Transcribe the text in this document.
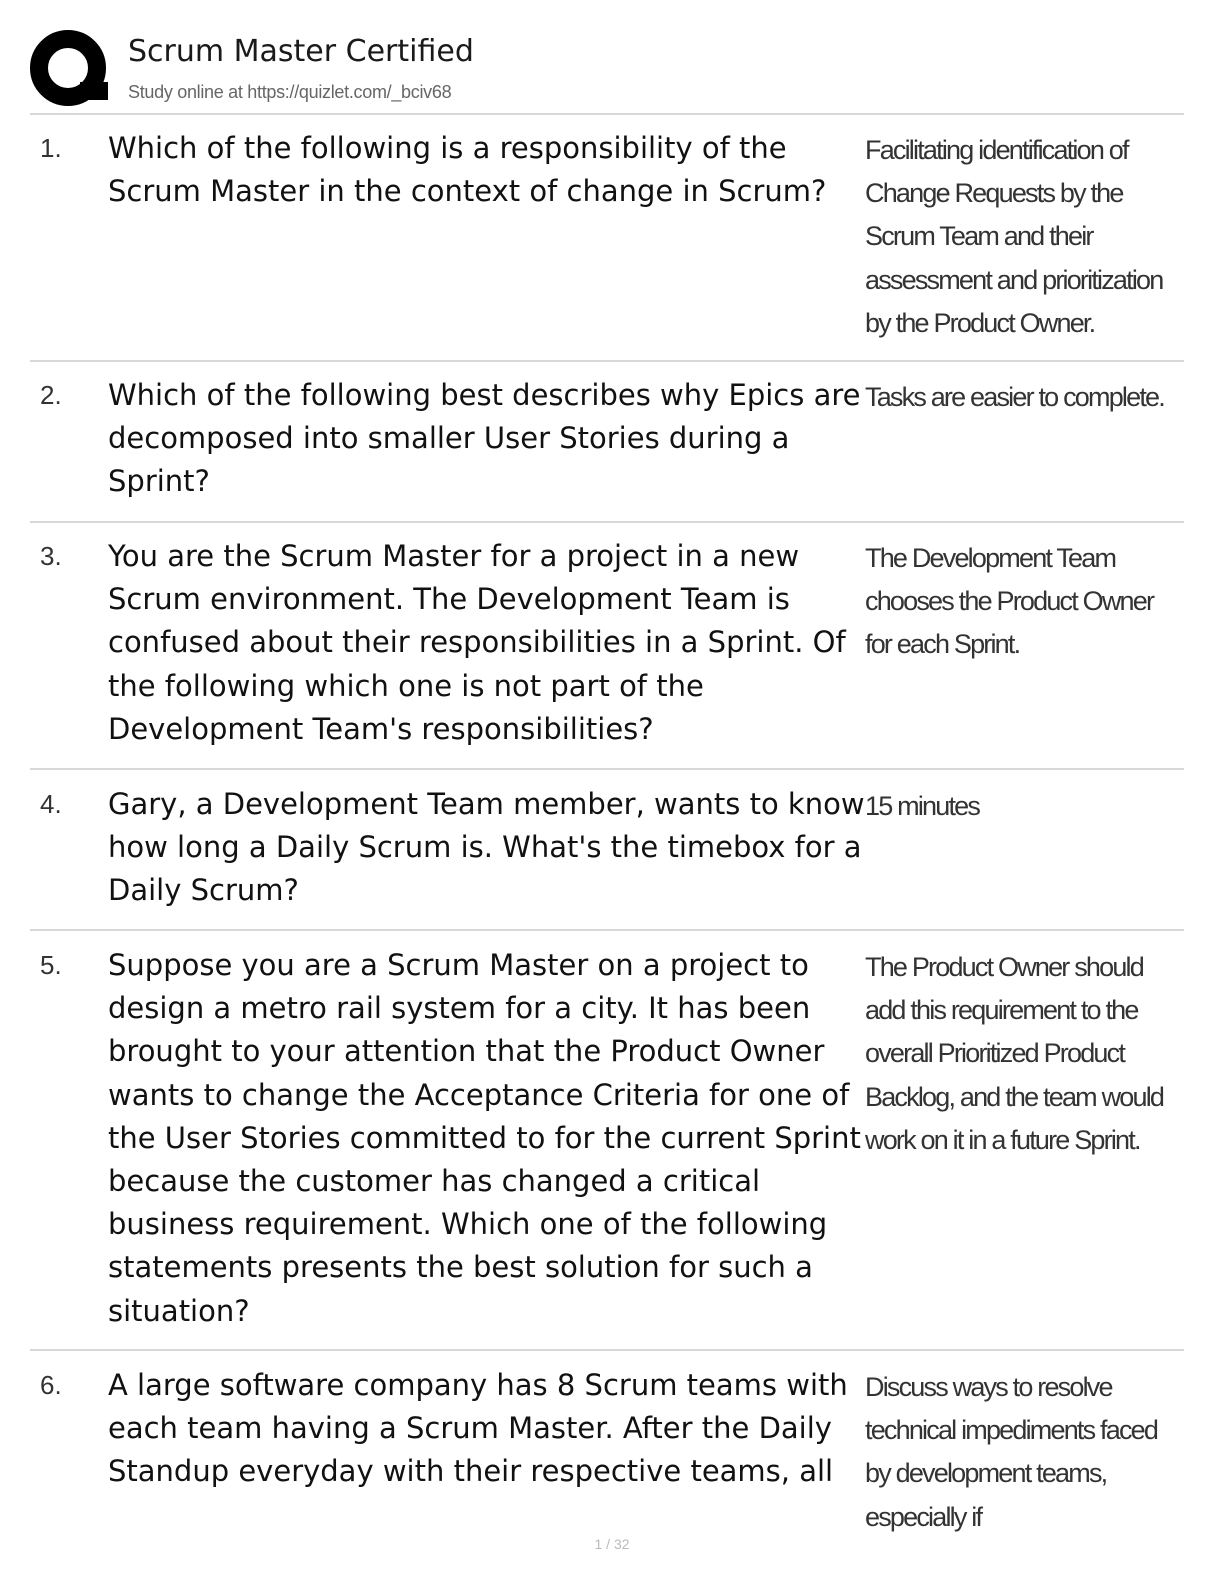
Scrum Master Certified
Study online at https://quizlet.com/_bciv68
1. Which of the following is a responsibility of the Scrum Master in the context of change in Scrum?
Facilitating identification of Change Requests by the Scrum Team and their assessment and prioritization by the Product Owner.
2. Which of the following best describes why Epics are decomposed into smaller User Stories during a Sprint?
Tasks are easier to complete.
3. You are the Scrum Master for a project in a new Scrum environment. The Development Team is confused about their responsibilities in a Sprint. Of the following which one is not part of the Development Team's responsibilities?
The Development Team chooses the Product Owner for each Sprint.
4. Gary, a Development Team member, wants to know how long a Daily Scrum is. What's the timebox for a Daily Scrum?
15 minutes
5. Suppose you are a Scrum Master on a project to design a metro rail system for a city. It has been brought to your attention that the Product Owner wants to change the Acceptance Criteria for one of the User Stories committed to for the current Sprint because the customer has changed a critical business requirement. Which one of the following statements presents the best solution for such a situation?
The Product Owner should add this requirement to the overall Prioritized Product Backlog, and the team would work on it in a future Sprint.
6. A large software company has 8 Scrum teams with each team having a Scrum Master. After the Daily Standup everyday with their respective teams, all
Discuss ways to resolve technical impediments faced by development teams, especially if
1 / 32
